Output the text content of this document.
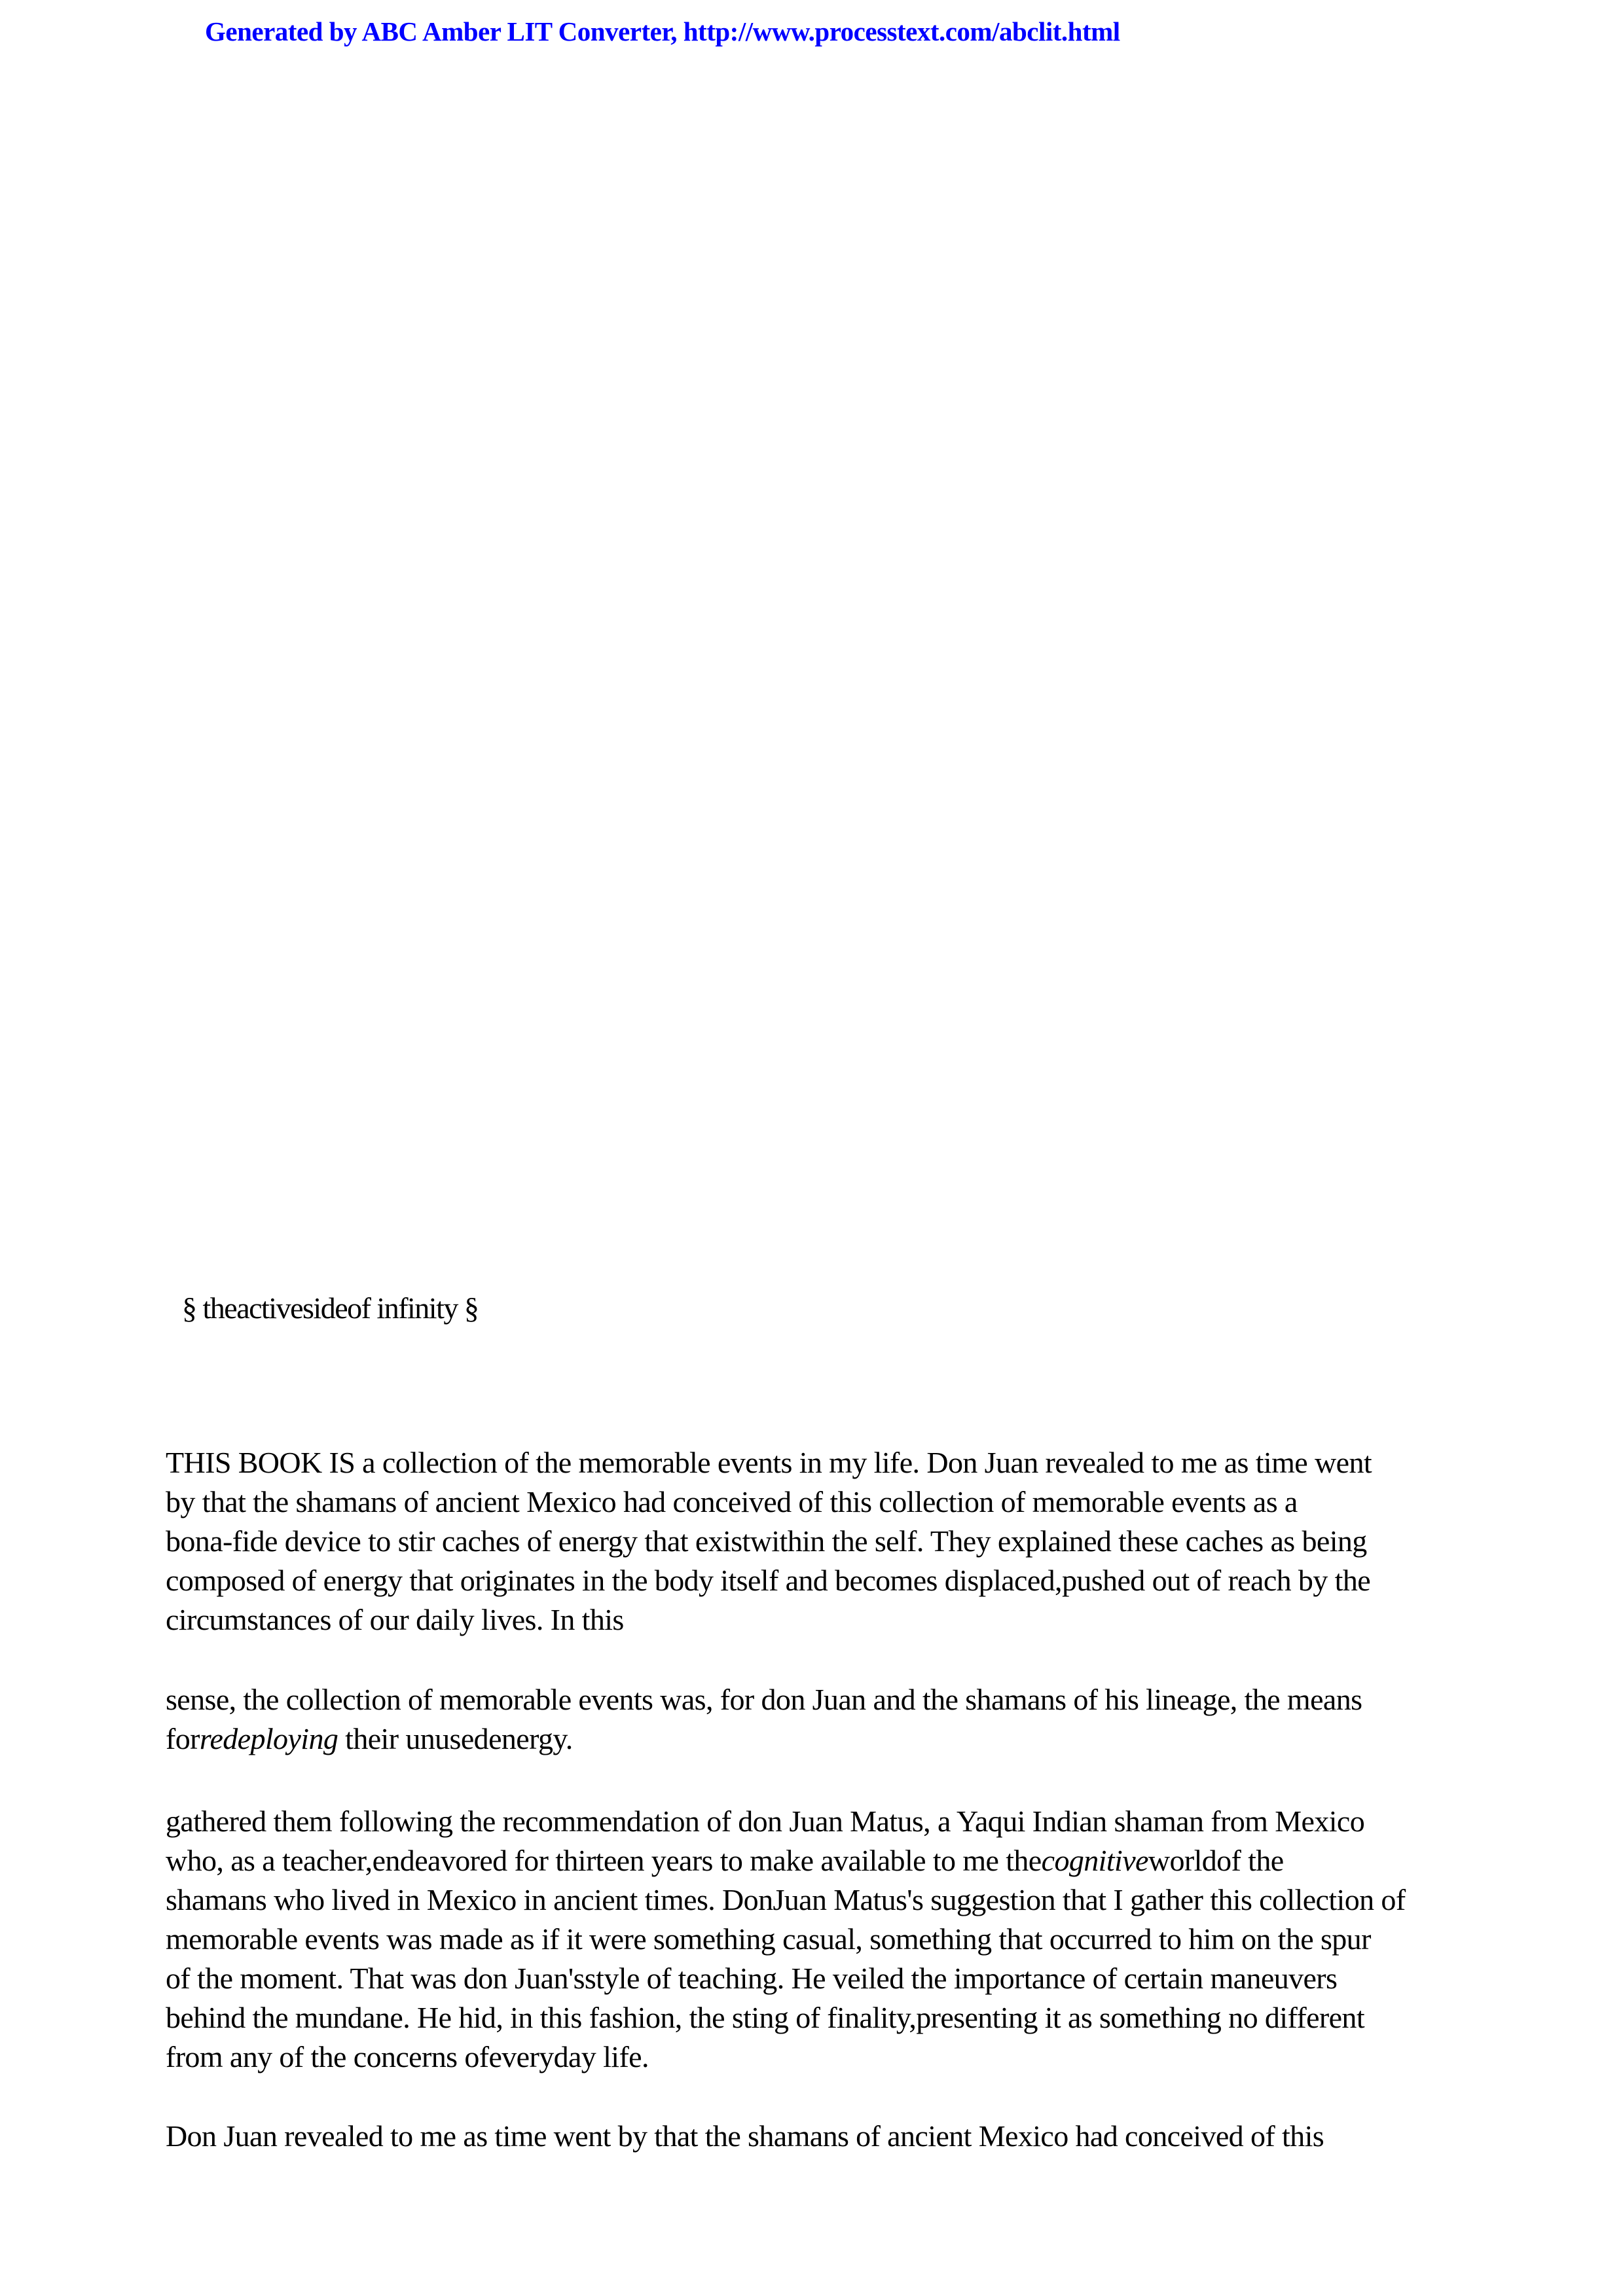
Generated by ABC Amber LIT Converter, http://www.processtext.com/abclit.html
§ theactivesideof infinity §
THIS BOOK IS a collection of the memorable events in my life. Don Juan revealed to me as time went
by that the shamans of ancient Mexico had conceived of this collection of memorable events as a
bona-fide device to stir caches of energy that existwithin the self. They explained these caches as being
composed of energy that originates in the body itself and becomes displaced,pushed out of reach by the
circumstances of our daily lives. In this
sense, the collection of memorable events was, for don Juan and the shamans of his lineage, the means
forredeploying their unusedenergy.
gathered them following the recommendation of don Juan Matus, a Yaqui Indian shaman from Mexico
who, as a teacher,endeavored for thirteen years to make available to me thecognitiveworldof the
shamans who lived in Mexico in ancient times. DonJuan Matus's suggestion that I gather this collection of
memorable events was made as if it were something casual, something that occurred to him on the spur
of the moment. That was don Juan'sstyle of teaching. He veiled the importance of certain maneuvers
behind the mundane. He hid, in this fashion, the sting of finality,presenting it as something no different
from any of the concerns ofeveryday life.
Don Juan revealed to me as time went by that the shamans of ancient Mexico had conceived of this
